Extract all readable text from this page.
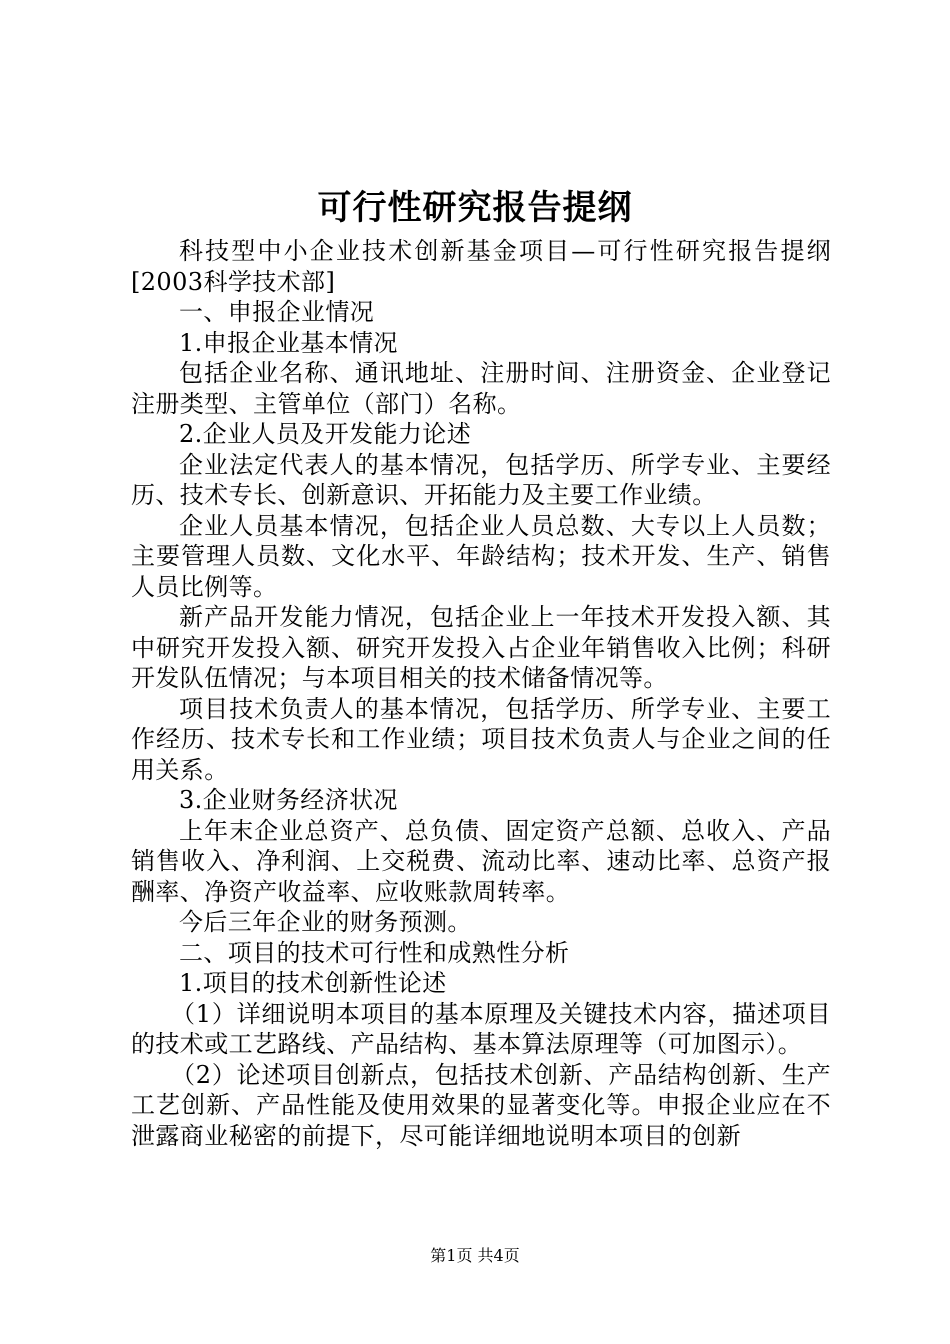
可行性研究报告提纲

科技型中小企业技术创新基金项目—可行性研究报告提纲[2003科学技术部]

一、申报企业情况

1.申报企业基本情况

包括企业名称、通讯地址、注册时间、注册资金、企业登记注册类型、主管单位（部门）名称。

2.企业人员及开发能力论述

企业法定代表人的基本情况，包括学历、所学专业、主要经历、技术专长、创新意识、开拓能力及主要工作业绩。

企业人员基本情况，包括企业人员总数、大专以上人员数；主要管理人员数、文化水平、年龄结构；技术开发、生产、销售人员比例等。

新产品开发能力情况，包括企业上一年技术开发投入额、其中研究开发投入额、研究开发投入占企业年销售收入比例；科研开发队伍情况；与本项目相关的技术储备情况等。

项目技术负责人的基本情况，包括学历、所学专业、主要工作经历、技术专长和工作业绩；项目技术负责人与企业之间的任用关系。

3.企业财务经济状况

上年末企业总资产、总负债、固定资产总额、总收入、产品销售收入、净利润、上交税费、流动比率、速动比率、总资产报酬率、净资产收益率、应收账款周转率。

今后三年企业的财务预测。

二、项目的技术可行性和成熟性分析

1.项目的技术创新性论述

（1）详细说明本项目的基本原理及关键技术内容，描述项目的技术或工艺路线、产品结构、基本算法原理等（可加图示）。

（2）论述项目创新点，包括技术创新、产品结构创新、生产工艺创新、产品性能及使用效果的显著变化等。申报企业应在不泄露商业秘密的前提下，尽可能详细地说明本项目的创新

第1页 共4页
